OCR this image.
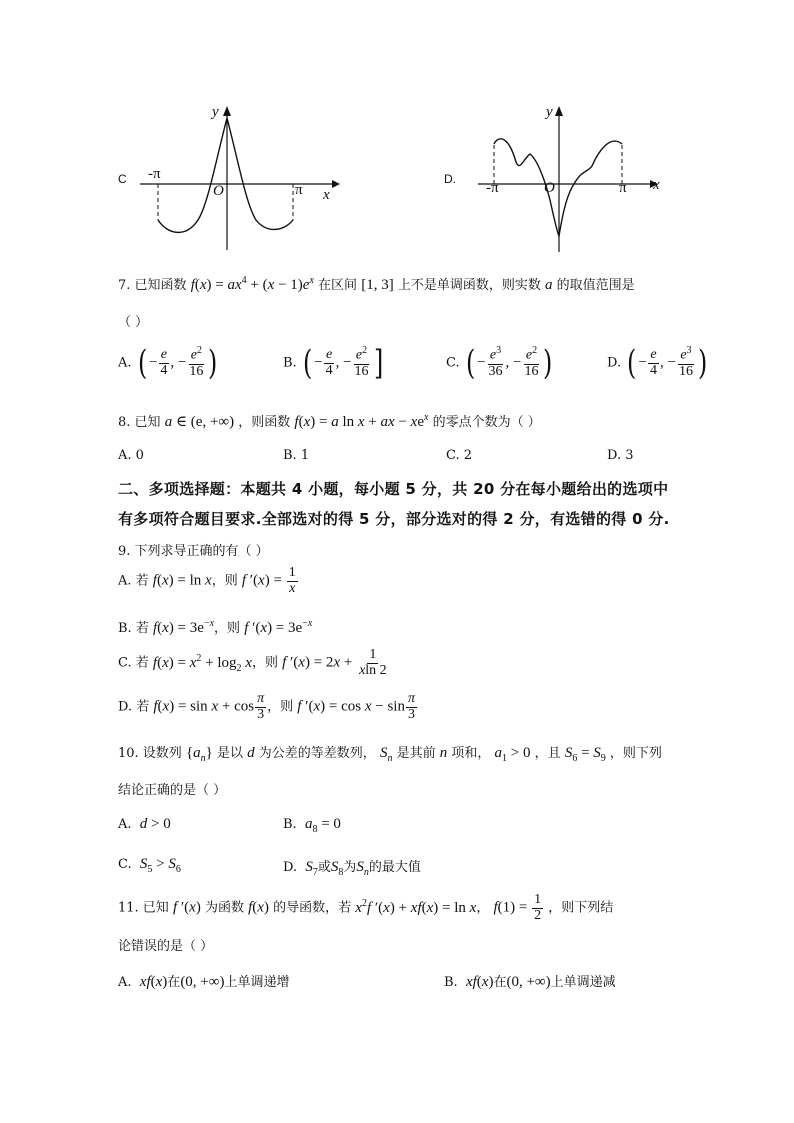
C -π
O	π x
y
D.
-π	O	π x
y
7. 已知函数 $f(x) = ax^4 + (x - 1)e^x$ 在区间 [1, 3] 上不是单调函数，则实数 a 的取值范围是
（ ）
A. ( − $\frac{e}{4}$ , − $\frac{e^2}{16}$ )	B. ( − $\frac{e}{4}$ , − $\frac{e^2}{16}$ ]	C. ( − $\frac{e^3}{36}$ , − $\frac{e^2}{16}$ )	D. ( − $\frac{e}{4}$ , − $\frac{e^3}{16}$ )
8. 已知 a ∈ (e, +∞) ，则函数 f(x) = a ln x + ax − $xe^x$ 的零点个数为（ ）
A. 0	B. 1	C. 2	D. 3
二、多项选择题：本题共 4 小题，每小题 5 分，共 20 分在每小题给出的选项中
有多项符合题目要求.全部选对的得 5 分，部分选对的得 2 分，有选错的得 0 分.
9. 下列求导正确的有（ ）
A. 若 f(x) = ln x，则 f $'(x) = \frac{1}{x}$
B. 若 $f(x) = 3e^{-x}$，则 f $'(x) = 3e^{-x}$
C. 若 $f(x) = x^2 + \log_2 x$，则 f $'(x) = 2x + \frac{1}{xln 2}$
D. 若 $f(x) = \sin x + \cos \frac{\pi}{3}$ ，则 f $'(x) = \cos x - \sin \frac{\pi}{3}$
10. 设数列 $\{a_n\}$ 是以 d 为公差的等差数列， $S_n$ 是其前 n 项和， $a_1 > 0$ ，且 $S_6 = S_9$ ，则下列
结论正确的是（ ）
A. d > 0	B. $a_8 = 0$
C. $S_5 > S_6$	D. $S_7$或$S_8$为$S_n$的最大值
11. 已知 f ′(x) 为函数 f(x) 的导函数，若 $x^2f$ ′(x) + xf(x) = ln x， $f(1) = \frac{1}{2}$ ，则下列结
论错误的是（ ）
A. xf(x)在(0, +∞)上单调递增	B. xf(x)在(0, +∞)上单调递减
